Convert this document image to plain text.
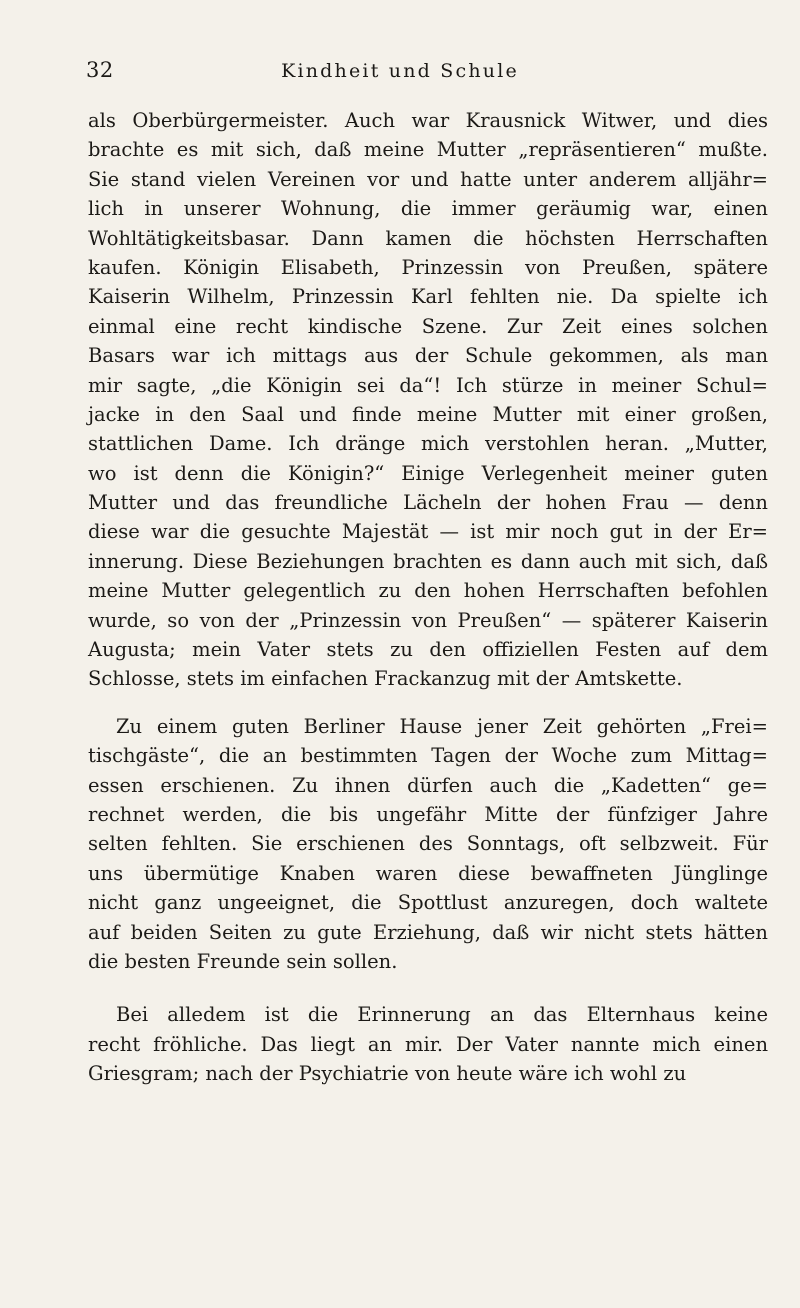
32	Kindheit und Schule

als Oberbürgermeister. Auch war Krausnick Witwer, und dies
brachte es mit sich, daß meine Mutter „repräsentieren“ mußte.
Sie stand vielen Vereinen vor und hatte unter anderem alljähr=
lich in unserer Wohnung, die immer geräumig war, einen
Wohltätigkeitsbasar. Dann kamen die höchsten Herrschaften
kaufen. Königin Elisabeth, Prinzessin von Preußen, spätere
Kaiserin Wilhelm, Prinzessin Karl fehlten nie. Da spielte ich
einmal eine recht kindische Szene. Zur Zeit eines solchen
Basars war ich mittags aus der Schule gekommen, als man
mir sagte, „die Königin sei da“! Ich stürze in meiner Schul=
jacke in den Saal und finde meine Mutter mit einer großen,
stattlichen Dame. Ich dränge mich verstohlen heran. „Mutter,
wo ist denn die Königin?“ Einige Verlegenheit meiner guten
Mutter und das freundliche Lächeln der hohen Frau — denn
diese war die gesuchte Majestät — ist mir noch gut in der Er=
innerung. Diese Beziehungen brachten es dann auch mit sich, daß
meine Mutter gelegentlich zu den hohen Herrschaften befohlen
wurde, so von der „Prinzessin von Preußen“ — späterer Kaiserin
Augusta; mein Vater stets zu den offiziellen Festen auf dem
Schlosse, stets im einfachen Frackanzug mit der Amtskette.

Zu einem guten Berliner Hause jener Zeit gehörten „Frei=
tischgäste“, die an bestimmten Tagen der Woche zum Mittag=
essen erschienen. Zu ihnen dürfen auch die „Kadetten“ ge=
rechnet werden, die bis ungefähr Mitte der fünfziger Jahre
selten fehlten. Sie erschienen des Sonntags, oft selbzweit. Für
uns übermütige Knaben waren diese bewaffneten Jünglinge
nicht ganz ungeeignet, die Spottlust anzuregen, doch waltete
auf beiden Seiten zu gute Erziehung, daß wir nicht stets hätten
die besten Freunde sein sollen.

Bei alledem ist die Erinnerung an das Elternhaus keine
recht fröhliche. Das liegt an mir. Der Vater nannte mich einen
Griesgram; nach der Psychiatrie von heute wäre ich wohl zu
